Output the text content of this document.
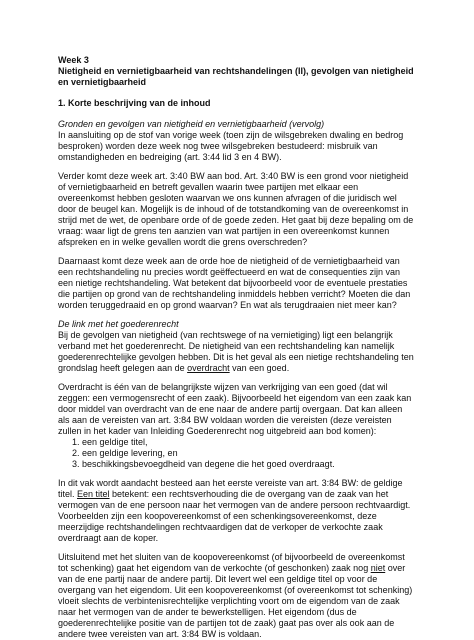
Week 3

Nietigheid en vernietigbaarheid van rechtshandelingen (II), gevolgen van nietigheid en vernietigbaarheid

1. Korte beschrijving van de inhoud

Gronden en gevolgen van nietigheid en vernietigbaarheid (vervolg)

In aansluiting op de stof van vorige week (toen zijn de wilsgebreken dwaling en bedrog besproken) worden deze week nog twee wilsgebreken bestudeerd: misbruik van omstandigheden en bedreiging (art. 3:44 lid 3 en 4 BW).

Verder komt deze week art. 3:40 BW aan bod. Art. 3:40 BW is een grond voor nietigheid of vernietigbaarheid en betreft gevallen waarin twee partijen met elkaar een overeenkomst hebben gesloten waarvan we ons kunnen afvragen of die juridisch wel door de beugel kan. Mogelijk is de inhoud of de totstandkoming van de overeenkomst in strijd met de wet, de openbare orde of de goede zeden. Het gaat bij deze bepaling om de vraag: waar ligt de grens ten aanzien van wat partijen in een overeenkomst kunnen afspreken en in welke gevallen wordt die grens overschreden?

Daarnaast komt deze week aan de orde hoe de nietigheid of de vernietigbaarheid van een rechtshandeling nu precies wordt geëffectueerd en wat de consequenties zijn van een nietige rechtshandeling. Wat betekent dat bijvoorbeeld voor de eventuele prestaties die partijen op grond van de rechtshandeling inmiddels hebben verricht? Moeten die dan worden teruggedraaid en op grond waarvan? En wat als terugdraaien niet meer kan?

De link met het goederenrecht

Bij de gevolgen van nietigheid (van rechtswege of na vernietiging) ligt een belangrijk verband met het goederenrecht. De nietigheid van een rechtshandeling kan namelijk goederenrechtelijke gevolgen hebben. Dit is het geval als een nietige rechtshandeling ten grondslag heeft gelegen aan de overdracht van een goed.

Overdracht is één van de belangrijkste wijzen van verkrijging van een goed (dat wil zeggen: een vermogensrecht of een zaak). Bijvoorbeeld het eigendom van een zaak kan door middel van overdracht van de ene naar de andere partij overgaan. Dat kan alleen als aan de vereisten van art. 3:84 BW voldaan worden die vereisten (deze vereisten zullen in het kader van Inleiding Goederenrecht nog uitgebreid aan bod komen):

1. een geldige titel,
2. een geldige levering, en
3. beschikkingsbevoegdheid van degene die het goed overdraagt.

In dit vak wordt aandacht besteed aan het eerste vereiste van art. 3:84 BW: de geldige titel. Een titel betekent: een rechtsverhouding die de overgang van de zaak van het vermogen van de ene persoon naar het vermogen van de andere persoon rechtvaardigt. Voorbeelden zijn een koopovereenkomst of een schenkingsovereenkomst, deze meerzijdige rechtshandelingen rechtvaardigen dat de verkoper de verkochte zaak overdraagt aan de koper.

Uitsluitend met het sluiten van de koopovereenkomst (of bijvoorbeeld de overeenkomst tot schenking) gaat het eigendom van de verkochte (of geschonken) zaak nog niet over van de ene partij naar de andere partij. Dit levert wel een geldige titel op voor de overgang van het eigendom. Uit een koopovereenkomst (of overeenkomst tot schenking) vloeit slechts de verbintenisrechtelijke verplichting voort om de eigendom van de zaak naar het vermogen van de ander te bewerkstelligen. Het eigendom (dus de goederenrechtelijke positie van de partijen tot de zaak) gaat pas over als ook aan de andere twee vereisten van art. 3:84 BW is voldaan.
